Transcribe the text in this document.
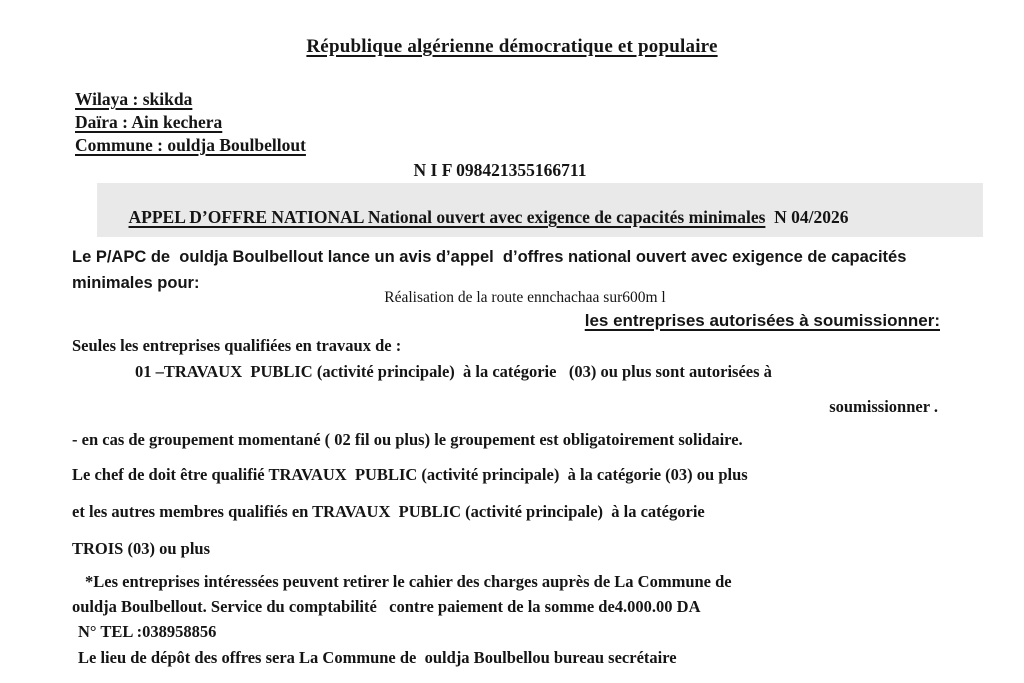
République algérienne démocratique et populaire
Wilaya : skikda
Daïra : Ain kechera
Commune : ouldja Boulbellout
N I F 098421355166711

APPEL D’OFFRE NATIONAL National ouvert avec exigence de capacités minimales N 04/2026

Le P/APC de  ouldja Boulbellout lance un avis d’appel  d’offres national ouvert avec exigence de capacités minimales pour:
Réalisation de la route ennchachaa sur600m l
les entreprises autorisées à soumissionner:
Seules les entreprises qualifiées en travaux de :
01 –TRAVAUX  PUBLIC (activité principale)  à la catégorie   (03) ou plus sont autorisées à
soumissionner .
- en cas de groupement momentané ( 02 fil ou plus) le groupement est obligatoirement solidaire.
Le chef de doit être qualifié TRAVAUX  PUBLIC (activité principale)  à la catégorie (03) ou plus
et les autres membres qualifiés en TRAVAUX  PUBLIC (activité principale)  à la catégorie
TROIS (03) ou plus
*Les entreprises intéressées peuvent retirer le cahier des charges auprès de La Commune de
ouldja Boulbellout. Service du comptabilité   contre paiement de la somme de4.000.00 DA
N° TEL :038958856
Le lieu de dépôt des offres sera La Commune de  ouldja Boulbellou bureau secrétaire
